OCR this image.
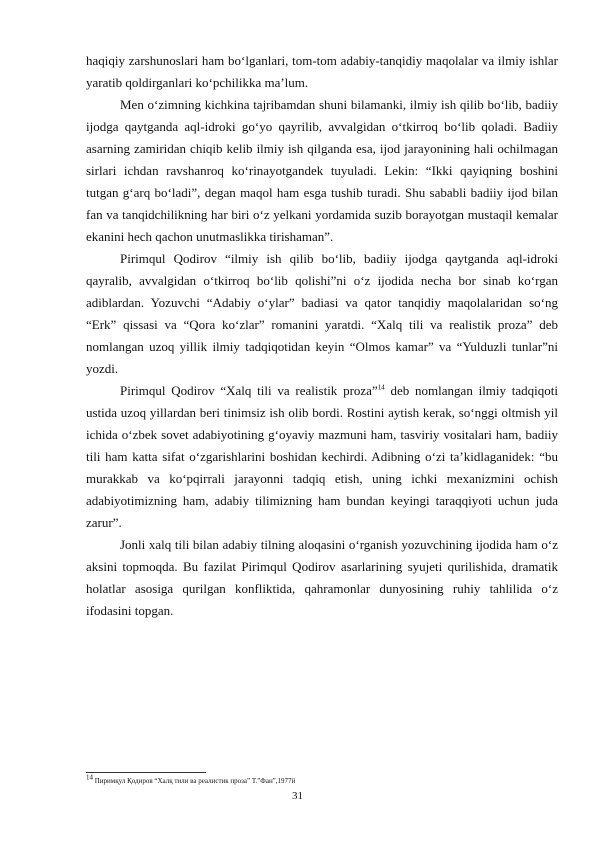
haqiqiy zarshunoslari ham bo‘lganlari, tom-tom adabiy-tanqidiy maqolalar va ilmiy ishlar yaratib qoldirganlari ko‘pchilikka ma’lum.

Men o‘zimning kichkina tajribamdan shuni bilamanki, ilmiy ish qilib bo‘lib, badiiy ijodga qaytganda aql-idroki go‘yo qayrilib, avvalgidan o‘tkirroq bo‘lib qoladi. Badiiy asarning zamiridan chiqib kelib ilmiy ish qilganda esa, ijod jarayonining hali ochilmagan sirlari ichdan ravshanroq ko‘rinayotgandek tuyuladi. Lekin: “Ikki qayiqning boshini tutgan g‘arq bo‘ladi”, degan maqol ham esga tushib turadi. Shu sababli badiiy ijod bilan fan va tanqidchilikning har biri o‘z yelkani yordamida suzib borayotgan mustaqil kemalar ekanini hech qachon unutmaslikka tirishaman”.

Pirimqul Qodirov “ilmiy ish qilib bo‘lib, badiiy ijodga qaytganda aql-idroki qayralib, avvalgidan o‘tkirroq bo‘lib qolishi”ni o‘z ijodida necha bor sinab ko‘rgan adiblardan. Yozuvchi “Adabiy o‘ylar” badiasi va qator tanqidiy maqolalaridan so‘ng “Erk” qissasi va “Qora ko‘zlar” romanini yaratdi. “Xalq tili va realistik proza” deb nomlangan uzoq yillik ilmiy tadqiqotidan keyin “Olmos kamar” va “Yulduzli tunlar”ni yozdi.

Pirimqul Qodirov “Xalq tili va realistik proza”$^{14}$ deb nomlangan ilmiy tadqiqoti ustida uzoq yillardan beri tinimsiz ish olib bordi. Rostini aytish kerak, so‘nggi oltmish yil ichida o‘zbek sovet adabiyotining g‘oyaviy mazmuni ham, tasviriy vositalari ham, badiiy tili ham katta sifat o‘zgarishlarini boshidan kechirdi. Adibning o‘zi ta’kidlaganidek: “bu murakkab va ko‘pqirrali jarayonni tadqiq etish, uning ichki mexanizmini ochish adabiyotimizning ham, adabiy tilimizning ham bundan keyingi taraqqiyoti uchun juda zarur”.

Jonli xalq tili bilan adabiy tilning aloqasini o‘rganish yozuvchining ijodida ham o‘z aksini topmoqda. Bu fazilat Pirimqul Qodirov asarlarining syujeti qurilishida, dramatik holatlar asosiga qurilgan konfliktida, qahramonlar dunyosining ruhiy tahlilida o‘z ifodasini topgan.

$^{14}$ Пиримқул Қодиров “Халқ тили ва реалистик проза” Т.”Фан”,1977й
31
